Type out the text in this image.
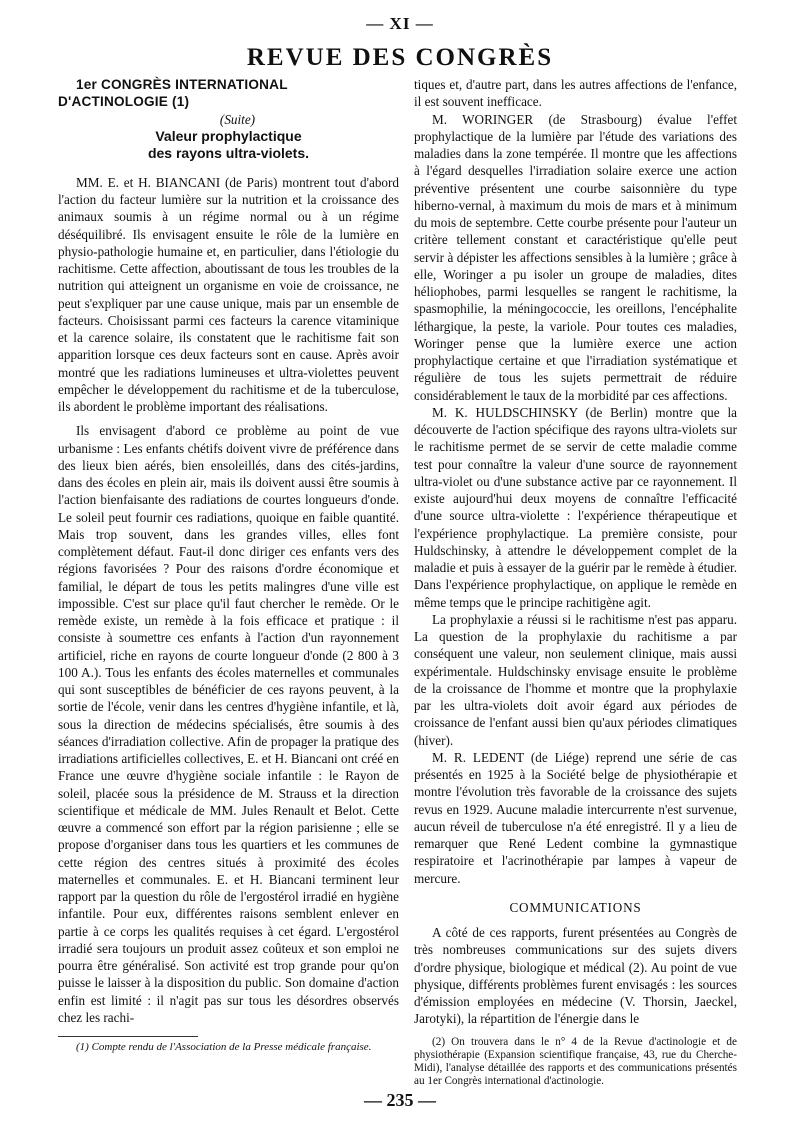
— XI —
REVUE DES CONGRÈS

1er CONGRÈS INTERNATIONAL D'ACTINOLOGIE (1)

(Suite)

Valeur prophylactique
des rayons ultra-violets.

MM. E. et H. BIANCANI (de Paris) montrent tout d'abord l'action du facteur lumière sur la nutrition et la croissance des animaux soumis à un régime normal ou à un régime déséquilibré. Ils envisagent ensuite le rôle de la lumière en physio-pathologie humaine et, en particulier, dans l'étiologie du rachitisme. Cette affection, aboutissant de tous les troubles de la nutrition qui atteignent un organisme en voie de croissance, ne peut s'expliquer par une cause unique, mais par un ensemble de facteurs. Choisissant parmi ces facteurs la carence vitaminique et la carence solaire, ils constatent que le rachitisme fait son apparition lorsque ces deux facteurs sont en cause. Après avoir montré que les radiations lumineuses et ultra-violettes peuvent empêcher le développement du rachitisme et de la tuberculose, ils abordent le problème important des réalisations.

Ils envisagent d'abord ce problème au point de vue urbanisme : Les enfants chétifs doivent vivre de préférence dans des lieux bien aérés, bien ensoleillés, dans des cités-jardins, dans des écoles en plein air, mais ils doivent aussi être soumis à l'action bienfaisante des radiations de courtes longueurs d'onde. Le soleil peut fournir ces radiations, quoique en faible quantité. Mais trop souvent, dans les grandes villes, elles font complètement défaut. Faut-il donc diriger ces enfants vers des régions favorisées ? Pour des raisons d'ordre économique et familial, le départ de tous les petits malingres d'une ville est impossible. C'est sur place qu'il faut chercher le remède. Or le remède existe, un remède à la fois efficace et pratique : il consiste à soumettre ces enfants à l'action d'un rayonnement artificiel, riche en rayons de courte longueur d'onde (2 800 à 3 100 A.). Tous les enfants des écoles maternelles et communales qui sont susceptibles de bénéficier de ces rayons peuvent, à la sortie de l'école, venir dans les centres d'hygiène infantile, et là, sous la direction de médecins spécialisés, être soumis à des séances d'irradiation collective. Afin de propager la pratique des irradiations artificielles collectives, E. et H. Biancani ont créé en France une œuvre d'hygiène sociale infantile : le Rayon de soleil, placée sous la présidence de M. Strauss et la direction scientifique et médicale de MM. Jules Renault et Belot. Cette œuvre a commencé son effort par la région parisienne ; elle se propose d'organiser dans tous les quartiers et les communes de cette région des centres situés à proximité des écoles maternelles et communales. E. et H. Biancani terminent leur rapport par la question du rôle de l'ergostérol irradié en hygiène infantile. Pour eux, différentes raisons semblent enlever en partie à ce corps les qualités requises à cet égard. L'ergostérol irradié sera toujours un produit assez coûteux et son emploi ne pourra être généralisé. Son activité est trop grande pour qu'on puisse le laisser à la disposition du public. Son domaine d'action enfin est limité : il n'agit pas sur tous les désordres observés chez les rachi-

(1) Compte rendu de l'Association de la Presse médicale française.

tiques et, d'autre part, dans les autres affections de l'enfance, il est souvent inefficace.

M. WORINGER (de Strasbourg) évalue l'effet prophylactique de la lumière par l'étude des variations des maladies dans la zone tempérée. Il montre que les affections à l'égard desquelles l'irradiation solaire exerce une action préventive présentent une courbe saisonnière du type hiberno-vernal, à maximum du mois de mars et à minimum du mois de septembre. Cette courbe présente pour l'auteur un critère tellement constant et caractéristique qu'elle peut servir à dépister les affections sensibles à la lumière ; grâce à elle, Woringer a pu isoler un groupe de maladies, dites héliophobes, parmi lesquelles se rangent le rachitisme, la spasmophilie, la méningococcie, les oreillons, l'encéphalite léthargique, la peste, la variole. Pour toutes ces maladies, Woringer pense que la lumière exerce une action prophylactique certaine et que l'irradiation systématique et régulière de tous les sujets permettrait de réduire considérablement le taux de la morbidité par ces affections.

M. K. HULDSCHINSKY (de Berlin) montre que la découverte de l'action spécifique des rayons ultra-violets sur le rachitisme permet de se servir de cette maladie comme test pour connaître la valeur d'une source de rayonnement ultra-violet ou d'une substance active par ce rayonnement. Il existe aujourd'hui deux moyens de connaître l'efficacité d'une source ultra-violette : l'expérience thérapeutique et l'expérience prophylactique. La première consiste, pour Huldschinsky, à attendre le développement complet de la maladie et puis à essayer de la guérir par le remède à étudier. Dans l'expérience prophylactique, on applique le remède en même temps que le principe rachitigène agit.

La prophylaxie a réussi si le rachitisme n'est pas apparu. La question de la prophylaxie du rachitisme a par conséquent une valeur, non seulement clinique, mais aussi expérimentale. Huldschinsky envisage ensuite le problème de la croissance de l'homme et montre que la prophylaxie par les ultra-violets doit avoir égard aux périodes de croissance de l'enfant aussi bien qu'aux périodes climatiques (hiver).

M. R. LEDENT (de Liége) reprend une série de cas présentés en 1925 à la Société belge de physiothérapie et montre l'évolution très favorable de la croissance des sujets revus en 1929. Aucune maladie intercurrente n'est survenue, aucun réveil de tuberculose n'a été enregistré. Il y a lieu de remarquer que René Ledent combine la gymnastique respiratoire et l'acrinothérapie par lampes à vapeur de mercure.

COMMUNICATIONS

A côté de ces rapports, furent présentées au Congrès de très nombreuses communications sur des sujets divers d'ordre physique, biologique et médical (2). Au point de vue physique, différents problèmes furent envisagés : les sources d'émission employées en médecine (V. Thorsin, Jaeckel, Jarotyki), la répartition de l'énergie dans le

(2) On trouvera dans le n° 4 de la Revue d'actinologie et de physiothérapie (Expansion scientifique française, 43, rue du Cherche-Midi), l'analyse détaillée des rapports et des communications présentés au 1er Congrès international d'actinologie.

— 235 —
